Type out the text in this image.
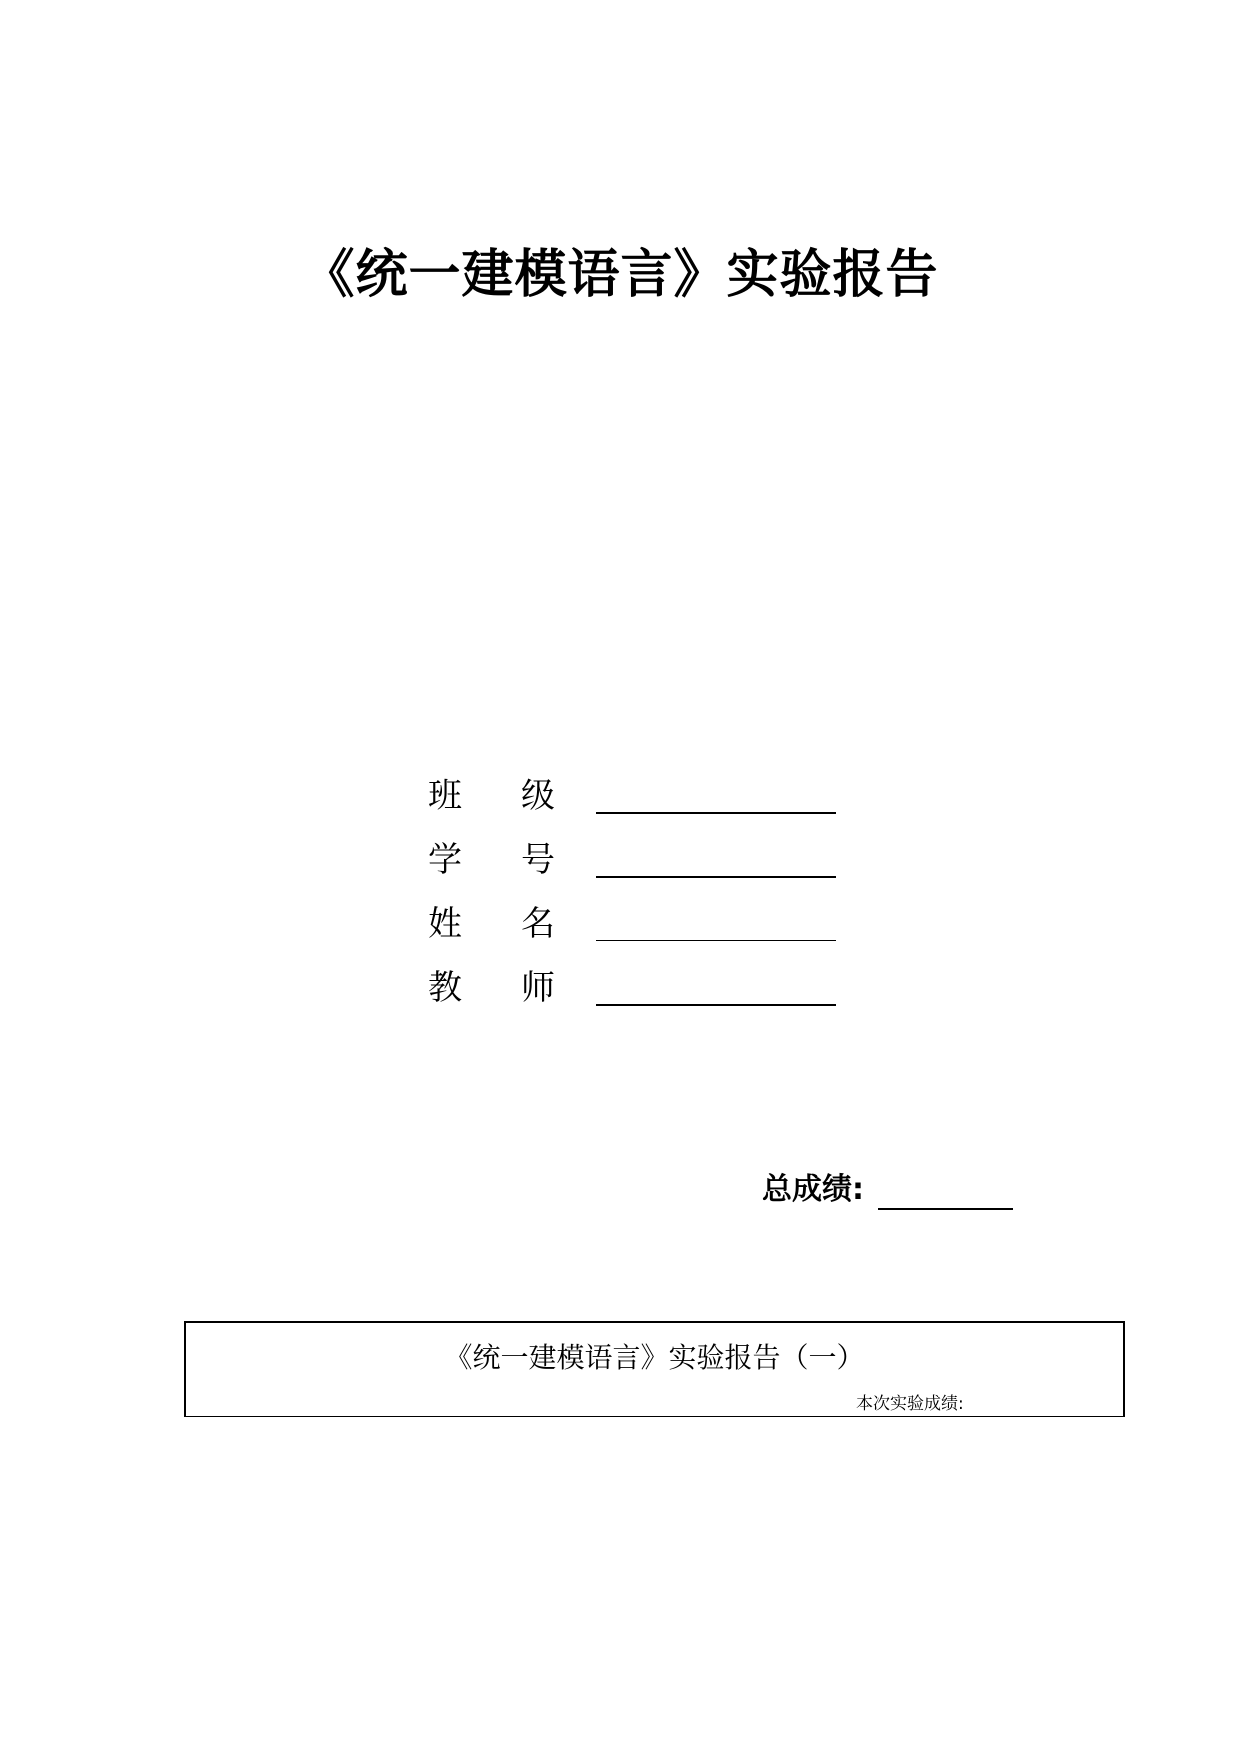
《统一建模语言》实验报告
班 级
学 号
姓 名
教 师
总成绩:
《统一建模语言》实验报告（一）
本次实验成绩:
